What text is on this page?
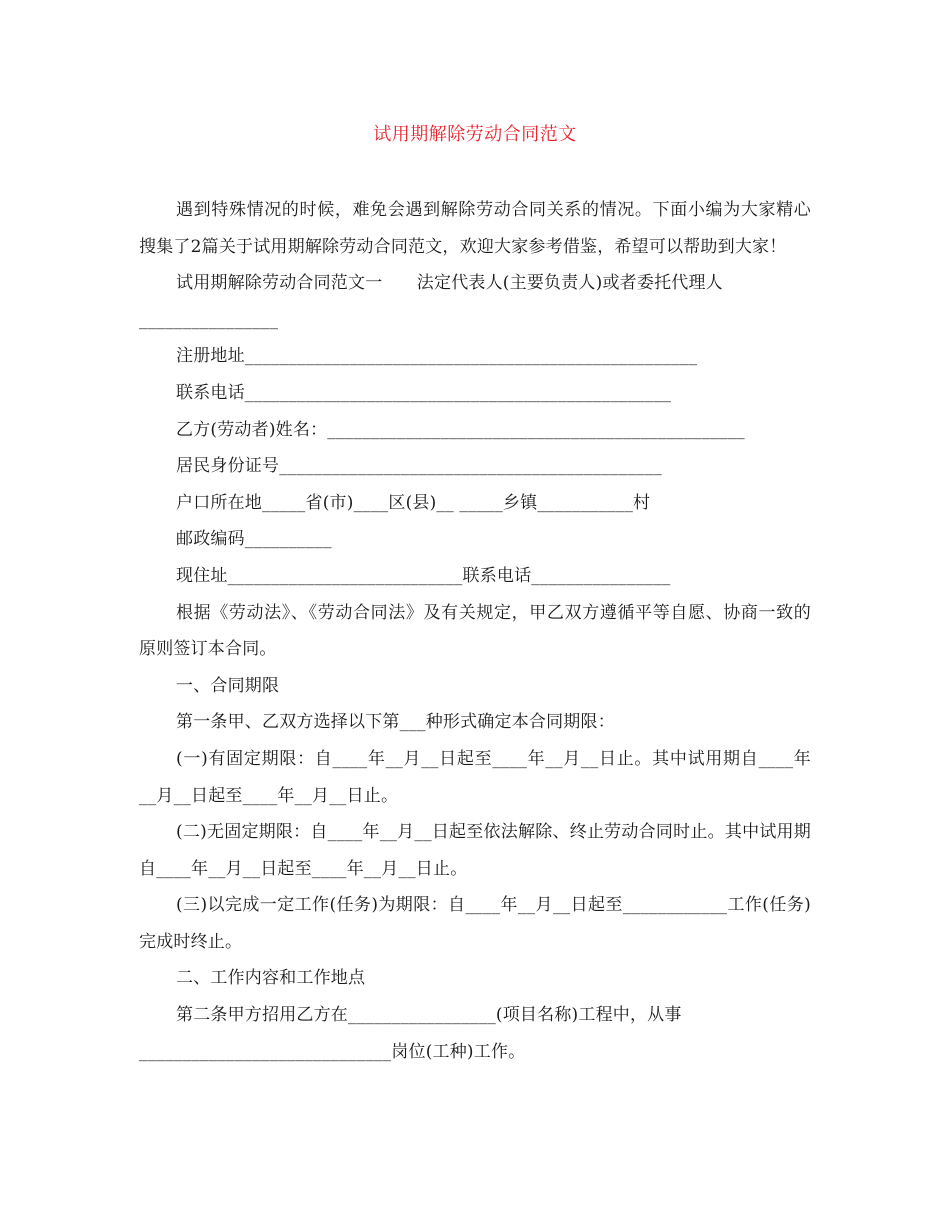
试用期解除劳动合同范文

遇到特殊情况的时候，难免会遇到解除劳动合同关系的情况。下面小编为大家精心搜集了2篇关于试用期解除劳动合同范文，欢迎大家参考借鉴，希望可以帮助到大家！

试用期解除劳动合同范文一　　法定代表人(主要负责人)或者委托代理人

________________

注册地址____________________________________________________

联系电话_________________________________________________

乙方(劳动者)姓名：________________________________________________

居民身份证号____________________________________________

户口所在地_____省(市)____区(县)__ _____乡镇___________村

邮政编码__________

现住址___________________________联系电话________________

根据《劳动法》、《劳动合同法》及有关规定，甲乙双方遵循平等自愿、协商一致的原则签订本合同。

一、合同期限

第一条甲、乙双方选择以下第___种形式确定本合同期限：

(一)有固定期限：自____年__月__日起至____年__月__日止。其中试用期自____年__月__日起至____年__月__日止。

(二)无固定期限：自____年__月__日起至依法解除、终止劳动合同时止。其中试用期自____年__月__日起至____年__月__日止。

(三)以完成一定工作(任务)为期限：自____年__月__日起至____________工作(任务)完成时终止。

二、工作内容和工作地点

第二条甲方招用乙方在_________________(项目名称)工程中，从事

_____________________________岗位(工种)工作。
